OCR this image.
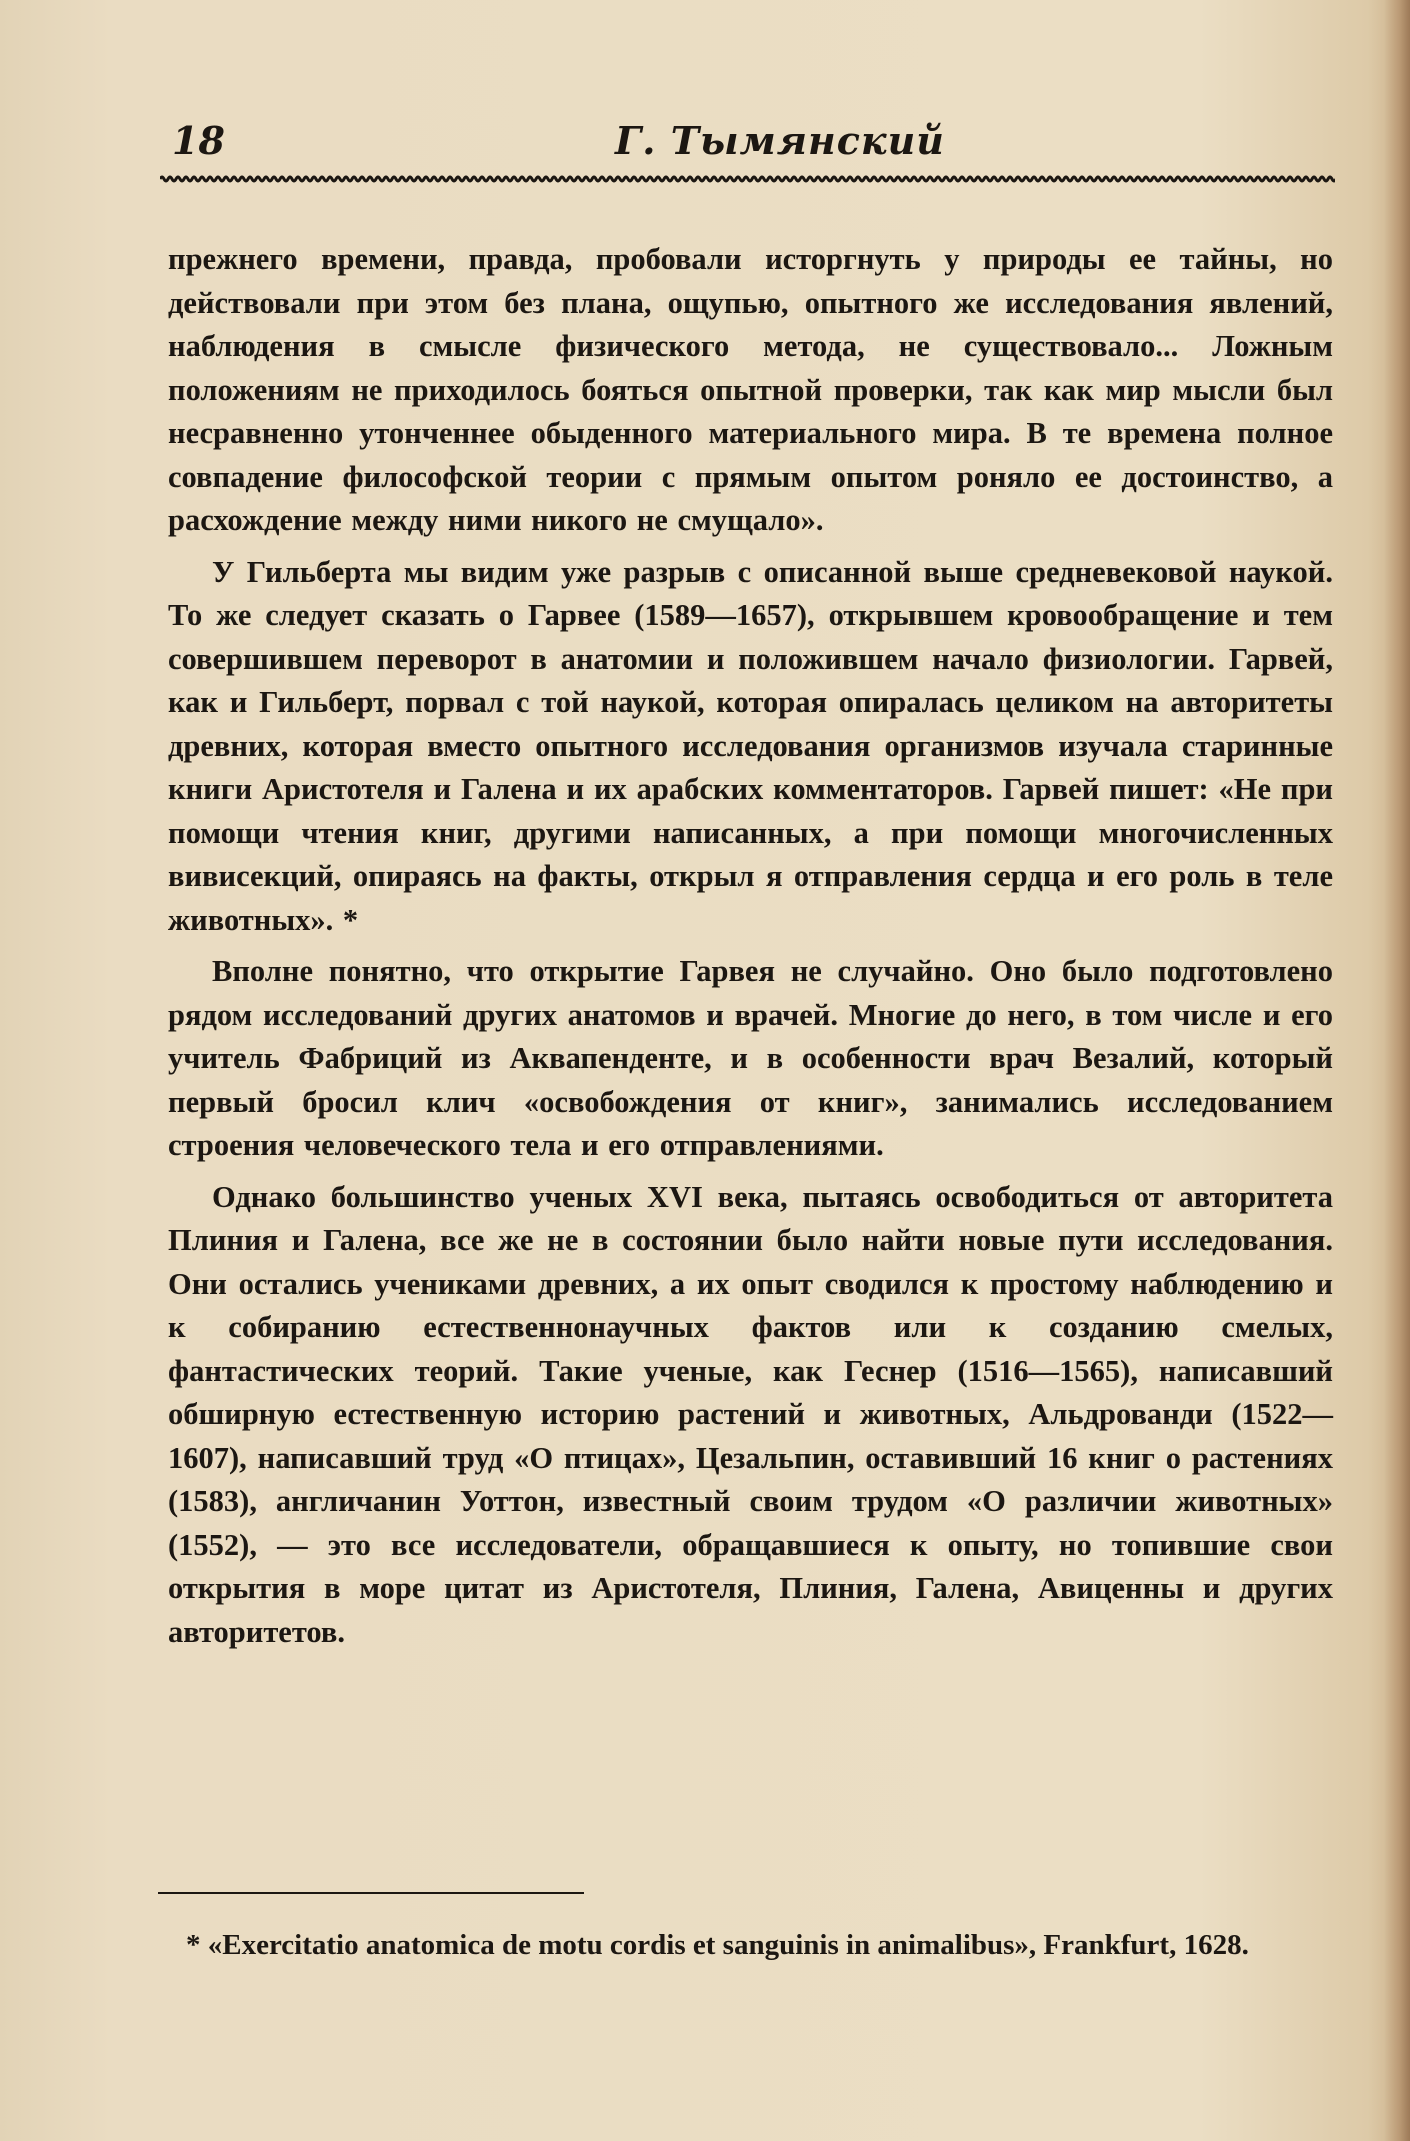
18	Г. Тымянский

прежнего времени, правда, пробовали исторгнуть у природы ее тайны, но действовали при этом без плана, ощупью, опытного же исследования явлений, наблюдения в смысле физического метода, не существовало... Ложным положениям не приходилось бояться опытной проверки, так как мир мысли был несравненно утонченнее обыденного материального мира. В те времена полное совпадение философской теории с прямым опытом роняло ее достоинство, а расхождение между ними никого не смущало».

У Гильберта мы видим уже разрыв с описанной выше средневековой наукой. То же следует сказать о Гарвее (1589—1657), открывшем кровообращение и тем совершившем переворот в анатомии и положившем начало физиологии. Гарвей, как и Гильберт, порвал с той наукой, которая опиралась целиком на авторитеты древних, которая вместо опытного исследования организмов изучала старинные книги Аристотеля и Галена и их арабских комментаторов. Гарвей пишет: «Не при помощи чтения книг, другими написанных, а при помощи многочисленных вивисекций, опираясь на факты, открыл я отправления сердца и его роль в теле животных». *

Вполне понятно, что открытие Гарвея не случайно. Оно было подготовлено рядом исследований других анатомов и врачей. Многие до него, в том числе и его учитель Фабриций из Аквапенденте, и в особенности врач Везалий, который первый бросил клич «освобождения от книг», занимались исследованием строения человеческого тела и его отправлениями.

Однако большинство ученых XVI века, пытаясь освободиться от авторитета Плиния и Галена, все же не в состоянии было найти новые пути исследования. Они остались учениками древних, а их опыт сводился к простому наблюдению и к собиранию естественнонаучных фактов или к созданию смелых, фантастических теорий. Такие ученые, как Геснер (1516—1565), написавший обширную естественную историю растений и животных, Альдрованди (1522—1607), написавший труд «О птицах», Цезальпин, оставивший 16 книг о растениях (1583), англичанин Уоттон, известный своим трудом «О различии животных» (1552), — это все исследователи, обращавшиеся к опыту, но топившие свои открытия в море цитат из Аристотеля, Плиния, Галена, Авиценны и других авторитетов.

* «Exercitatio anatomica de motu cordis et sanguinis in animalibus», Frankfurt, 1628.
